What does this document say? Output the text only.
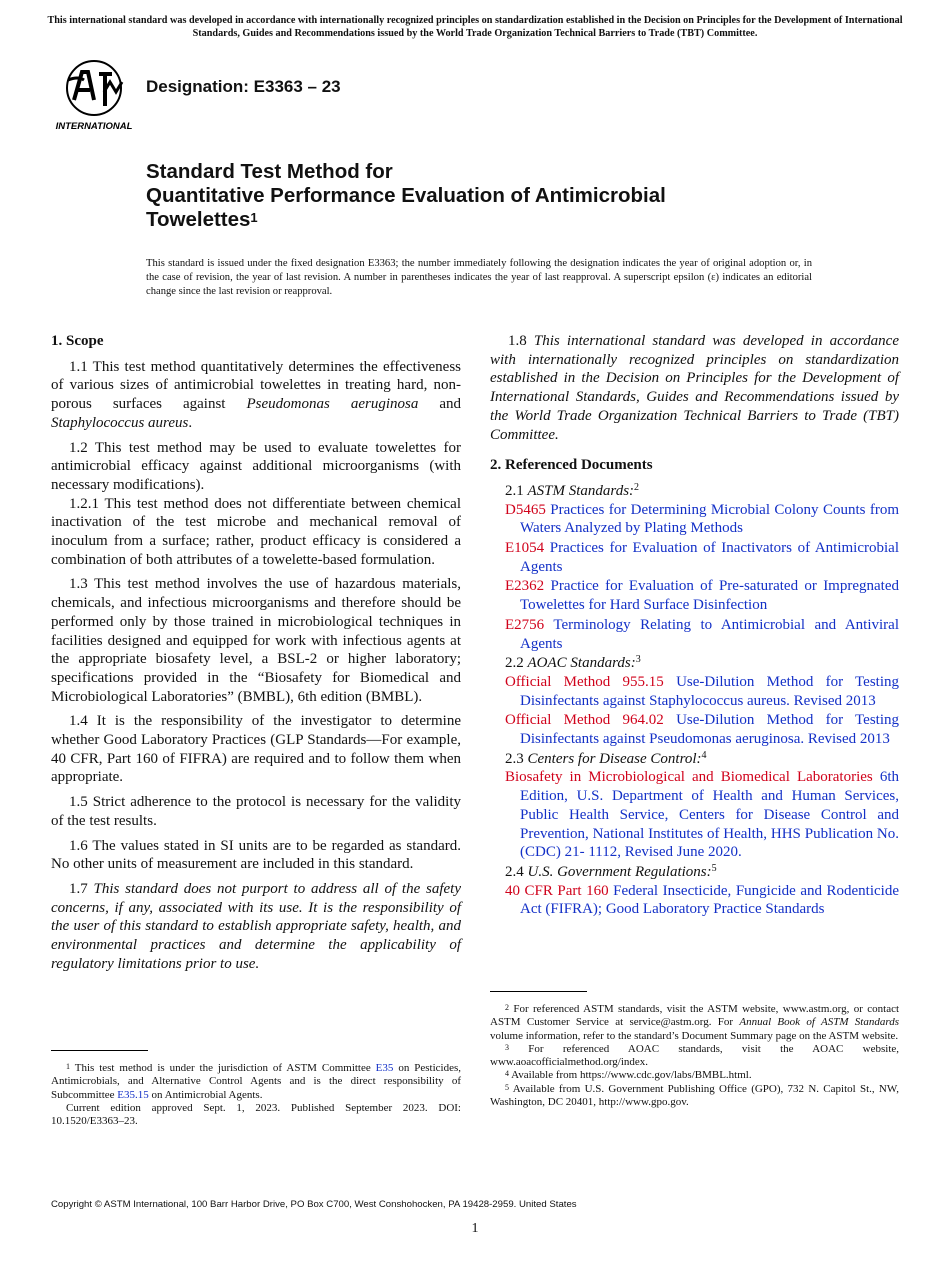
This international standard was developed in accordance with internationally recognized principles on standardization established in the Decision on Principles for the Development of International Standards, Guides and Recommendations issued by the World Trade Organization Technical Barriers to Trade (TBT) Committee.
INTERNATIONAL
Designation: E3363 – 23
Standard Test Method for
Quantitative Performance Evaluation of Antimicrobial
Towelettes$^1$
This standard is issued under the fixed designation E3363; the number immediately following the designation indicates the year of original adoption or, in the case of revision, the year of last revision. A number in parentheses indicates the year of last reapproval. A superscript epsilon (ε) indicates an editorial change since the last revision or reapproval.
1. Scope

1.1 This test method quantitatively determines the effectiveness of various sizes of antimicrobial towelettes in treating hard, non-porous surfaces against Pseudomonas aeruginosa and Staphylococcus aureus.

1.2 This test method may be used to evaluate towelettes for antimicrobial efficacy against additional microorganisms (with necessary modifications).

1.2.1 This test method does not differentiate between chemical inactivation of the test microbe and mechanical removal of inoculum from a surface; rather, product efficacy is considered a combination of both attributes of a towelette-based formulation.

1.3 This test method involves the use of hazardous materials, chemicals, and infectious microorganisms and therefore should be performed only by those trained in microbiological techniques in facilities designed and equipped for work with infectious agents at the appropriate biosafety level, a BSL-2 or higher laboratory; specifications provided in the “Biosafety for Biomedical and Microbiological Laboratories” (BMBL), 6th edition (BMBL).

1.4 It is the responsibility of the investigator to determine whether Good Laboratory Practices (GLP Standards—For example, 40 CFR, Part 160 of FIFRA) are required and to follow them when appropriate.

1.5 Strict adherence to the protocol is necessary for the validity of the test results.

1.6 The values stated in SI units are to be regarded as standard. No other units of measurement are included in this standard.

1.7 This standard does not purport to address all of the safety concerns, if any, associated with its use. It is the responsibility of the user of this standard to establish appropriate safety, health, and environmental practices and determine the applicability of regulatory limitations prior to use.

1.8 This international standard was developed in accordance with internationally recognized principles on standardization established in the Decision on Principles for the Development of International Standards, Guides and Recommendations issued by the World Trade Organization Technical Barriers to Trade (TBT) Committee.

2. Referenced Documents
2.1 ASTM Standards:$^2$
D5465 Practices for Determining Microbial Colony Counts from Waters Analyzed by Plating Methods
E1054 Practices for Evaluation of Inactivators of Antimicrobial Agents
E2362 Practice for Evaluation of Pre-saturated or Impregnated Towelettes for Hard Surface Disinfection
E2756 Terminology Relating to Antimicrobial and Antiviral Agents
2.2 AOAC Standards:$^3$
Official Method 955.15 Use-Dilution Method for Testing Disinfectants against Staphylococcus aureus. Revised 2013
Official Method 964.02 Use-Dilution Method for Testing Disinfectants against Pseudomonas aeruginosa. Revised 2013
2.3 Centers for Disease Control:$^4$
Biosafety in Microbiological and Biomedical Laboratories 6th Edition, U.S. Department of Health and Human Services, Public Health Service, Centers for Disease Control and Prevention, National Institutes of Health, HHS Publication No. (CDC) 21- 1112, Revised June 2020.
2.4 U.S. Government Regulations:$^5$
40 CFR Part 160 Federal Insecticide, Fungicide and Rodenticide Act (FIFRA); Good Laboratory Practice Standards

$^1$ This test method is under the jurisdiction of ASTM Committee E35 on Pesticides, Antimicrobials, and Alternative Control Agents and is the direct responsibility of Subcommittee E35.15 on Antimicrobial Agents.

Current edition approved Sept. 1, 2023. Published September 2023. DOI: 10.1520/E3363–23.

$^2$ For referenced ASTM standards, visit the ASTM website, www.astm.org, or contact ASTM Customer Service at service@astm.org. For Annual Book of ASTM Standards volume information, refer to the standard’s Document Summary page on the ASTM website.

$^3$ For referenced AOAC standards, visit the AOAC website, www.aoacofficialmethod.org/index.

$^4$ Available from https://www.cdc.gov/labs/BMBL.html.

$^5$ Available from U.S. Government Publishing Office (GPO), 732 N. Capitol St., NW, Washington, DC 20401, http://www.gpo.gov.

Copyright © ASTM International, 100 Barr Harbor Drive, PO Box C700, West Conshohocken, PA 19428-2959. United States
1
